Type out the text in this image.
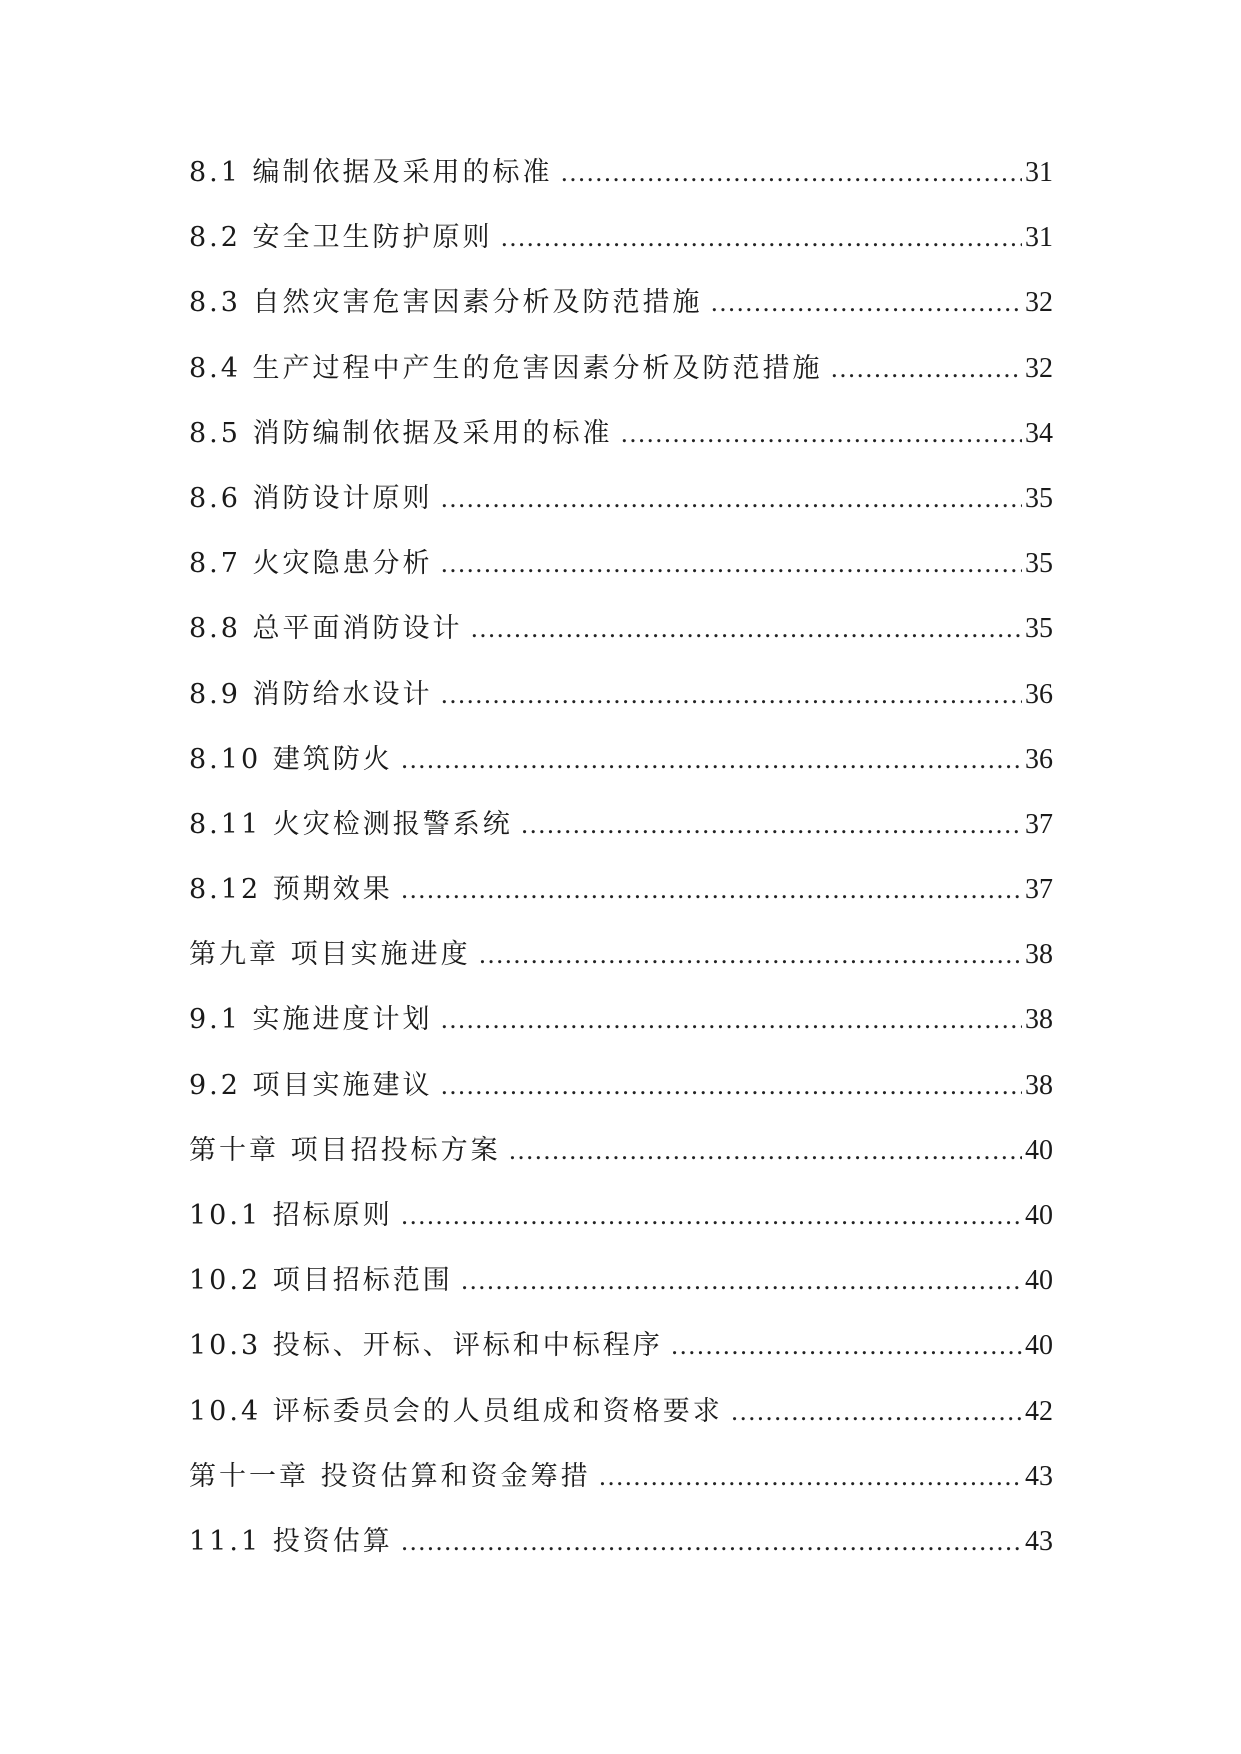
8.1 编制依据及采用的标准 .....	31
8.2 安全卫生防护原则 .....	31
8.3 自然灾害危害因素分析及防范措施 .....	32
8.4 生产过程中产生的危害因素分析及防范措施 .....	32
8.5 消防编制依据及采用的标准 .....	34
8.6 消防设计原则 .....	35
8.7 火灾隐患分析 .....	35
8.8 总平面消防设计 .....	35
8.9 消防给水设计 .....	36
8.10 建筑防火 .....	36
8.11 火灾检测报警系统 .....	37
8.12 预期效果 .....	37
第九章 项目实施进度 .....	38
9.1 实施进度计划 .....	38
9.2 项目实施建议 .....	38
第十章 项目招投标方案 .....	40
10.1 招标原则 .....	40
10.2 项目招标范围 .....	40
10.3 投标、开标、评标和中标程序 .....	40
10.4 评标委员会的人员组成和资格要求 .....	42
第十一章 投资估算和资金筹措 .....	43
11.1 投资估算 .....	43
